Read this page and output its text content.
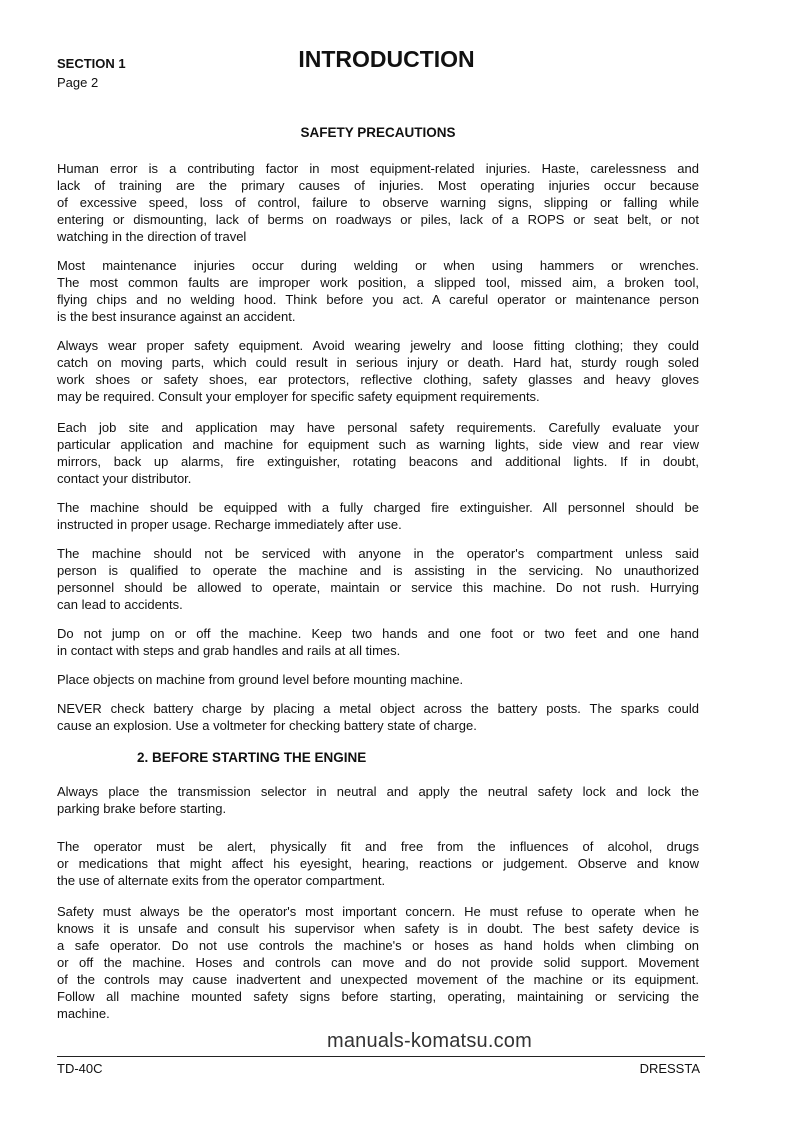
SECTION 1
Page 2
INTRODUCTION
SAFETY PRECAUTIONS
2. BEFORE STARTING THE ENGINE
Human error is a contributing factor in most equipment-related injuries. Haste, carelessness and
lack of training are the primary causes of injuries. Most operating injuries occur because
of excessive speed, loss of control, failure to observe warning signs, slipping or falling while
entering or dismounting, lack of berms on roadways or piles, lack of a ROPS or seat belt, or not
watching in the direction of travel
Most maintenance injuries occur during welding or when using hammers or wrenches.
The most common faults are improper work position, a slipped tool, missed aim, a broken tool,
flying chips and no welding hood. Think before you act. A careful operator or maintenance person
is the best insurance against an accident.
Always wear proper safety equipment. Avoid wearing jewelry and loose fitting clothing; they could
catch on moving parts, which could result in serious injury or death. Hard hat, sturdy rough soled
work shoes or safety shoes, ear protectors, reflective clothing, safety glasses and heavy gloves
may be required. Consult your employer for specific safety equipment requirements.
Each job site and application may have personal safety requirements. Carefully evaluate your
particular application and machine for equipment such as warning lights, side view and rear view
mirrors, back up alarms, fire extinguisher, rotating beacons and additional lights. If in doubt,
contact your distributor.
The machine should be equipped with a fully charged fire extinguisher. All personnel should be
instructed in proper usage. Recharge immediately after use.
The machine should not be serviced with anyone in the operator's compartment unless said
person is qualified to operate the machine and is assisting in the servicing. No unauthorized
personnel should be allowed to operate, maintain or service this machine. Do not rush. Hurrying
can lead to accidents.
Do not jump on or off the machine. Keep two hands and one foot or two feet and one hand
in contact with steps and grab handles and rails at all times.
Place objects on machine from ground level before mounting machine.
NEVER check battery charge by placing a metal object across the battery posts. The sparks could
cause an explosion. Use a voltmeter for checking battery state of charge.
Always place the transmission selector in neutral and apply the neutral safety lock and lock the
parking brake before starting.
The operator must be alert, physically fit and free from the influences of alcohol, drugs
or medications that might affect his eyesight, hearing, reactions or judgement. Observe and know
the use of alternate exits from the operator compartment.
Safety must always be the operator's most important concern. He must refuse to operate when he
knows it is unsafe and consult his supervisor when safety is in doubt. The best safety device is
a safe operator. Do not use controls the machine's or hoses as hand holds when climbing on
or off the machine. Hoses and controls can move and do not provide solid support. Movement
of the controls may cause inadvertent and unexpected movement of the machine or its equipment.
Follow all machine mounted safety signs before starting, operating, maintaining or servicing the
machine.
manuals-komatsu.com
TD-40C	DRESSTA
